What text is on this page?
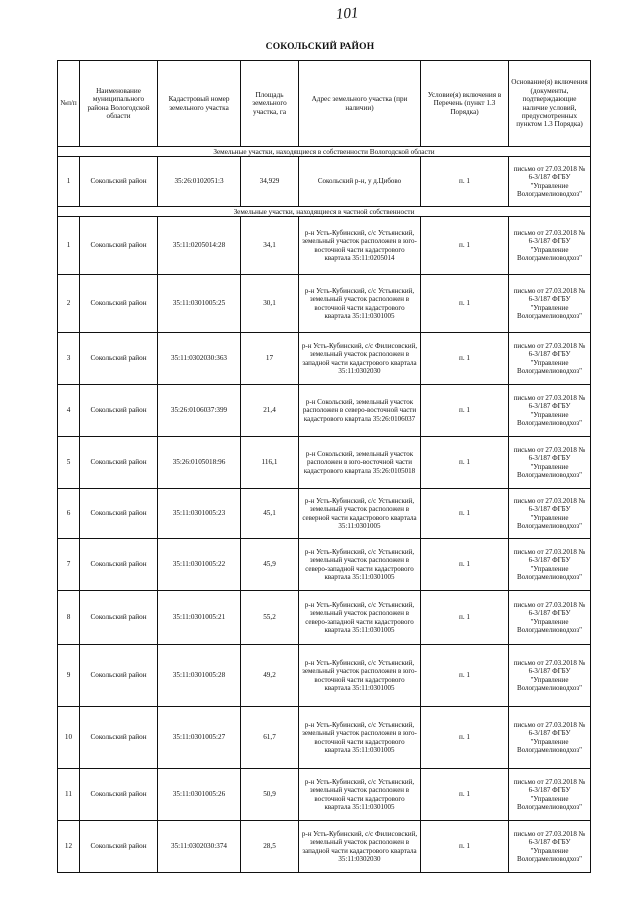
101
СОКОЛЬСКИЙ РАЙОН
№п/п	Наименование муниципального района Вологодской области	Кадастровый номер земельного участка	Площадь земельного участка, га	Адрес земельного участка (при наличии)	Условие(я) включения в Перечень (пункт 1.3 Порядка)	Основание(я) включения (документы, подтверждающие наличие условий, предусмотренных пунктом 1.3 Порядка)
Земельные участки, находящиеся в собственности Вологодской области						
1	Сокольский район	35:26:0102051:3	34,929	Сокольский р-н, у д.Цибово	п. 1	письмо от 27.03.2018 № 6-3/187 ФГБУ "Управление Вологдамелиоводхоз"
Земельные участки, находящиеся в частной собственности						
1	Сокольский район	35:11:0205014:28	34,1	р-н Усть-Кубинский, с/с Устьянский, земельный участок расположен в юго-восточной части кадастрового квартала 35:11:0205014	п. 1	письмо от 27.03.2018 № 6-3/187 ФГБУ "Управление Вологдамелиоводхоз"
2	Сокольский район	35:11:0301005:25	30,1	р-н Усть-Кубинский, с/с Устьянский, земельный участок расположен в восточной части кадастрового квартала 35:11:0301005	п. 1	письмо от 27.03.2018 № 6-3/187 ФГБУ "Управление Вологдамелиоводхоз"
3	Сокольский район	35:11:0302030:363	17	р-н Усть-Кубинский, с/с Филисовский, земельный участок расположен в западной части кадастрового квартала 35:11:0302030	п. 1	письмо от 27.03.2018 № 6-3/187 ФГБУ "Управление Вологдамелиоводхоз"
4	Сокольский район	35:26:0106037:399	21,4	р-н Сокольский, земельный участок расположен в северо-восточной части кадастрового квартала 35:26:0106037	п. 1	письмо от 27.03.2018 № 6-3/187 ФГБУ "Управление Вологдамелиоводхоз"
5	Сокольский район	35:26:0105018:96	116,1	р-н Сокольский, земельный участок расположен в юго-восточной части кадастрового квартала 35:26:0105018	п. 1	письмо от 27.03.2018 № 6-3/187 ФГБУ "Управление Вологдамелиоводхоз"
6	Сокольский район	35:11:0301005:23	45,1	р-н Усть-Кубинский, с/с Устьянский, земельный участок расположен в северной части кадастрового квартала 35:11:0301005	п. 1	письмо от 27.03.2018 № 6-3/187 ФГБУ "Управление Вологдамелиоводхоз"
7	Сокольский район	35:11:0301005:22	45,9	р-н Усть-Кубинский, с/с Устьянский, земельный участок расположен в северо-западной части кадастрового квартала 35:11:0301005	п. 1	письмо от 27.03.2018 № 6-3/187 ФГБУ "Управление Вологдамелиоводхоз"
8	Сокольский район	35:11:0301005:21	55,2	р-н Усть-Кубинский, с/с Устьянский, земельный участок расположен в северо-западной части кадастрового квартала 35:11:0301005	п. 1	письмо от 27.03.2018 № 6-3/187 ФГБУ "Управление Вологдамелиоводхоз"
9	Сокольский район	35:11:0301005:28	49,2	р-н Усть-Кубинский, с/с Устьянский, земельный участок расположен в юго-восточной части кадастрового квартала 35:11:0301005	п. 1	письмо от 27.03.2018 № 6-3/187 ФГБУ "Управление Вологдамелиоводхоз"
10	Сокольский район	35:11:0301005:27	61,7	р-н Усть-Кубинский, с/с Устьянский, земельный участок расположен в юго-восточной части кадастрового квартала 35:11:0301005	п. 1	письмо от 27.03.2018 № 6-3/187 ФГБУ "Управление Вологдамелиоводхоз"
11	Сокольский район	35:11:0301005:26	50,9	р-н Усть-Кубинский, с/с Устьянский, земельный участок расположен в восточной части кадастрового квартала 35:11:0301005	п. 1	письмо от 27.03.2018 № 6-3/187 ФГБУ "Управление Вологдамелиоводхоз"
12	Сокольский район	35:11:0302030:374	28,5	р-н Усть-Кубинский, с/с Филисовский, земельный участок расположен в западной части кадастрового квартала 35:11:0302030	п. 1	письмо от 27.03.2018 № 6-3/187 ФГБУ "Управление Вологдамелиоводхоз"
